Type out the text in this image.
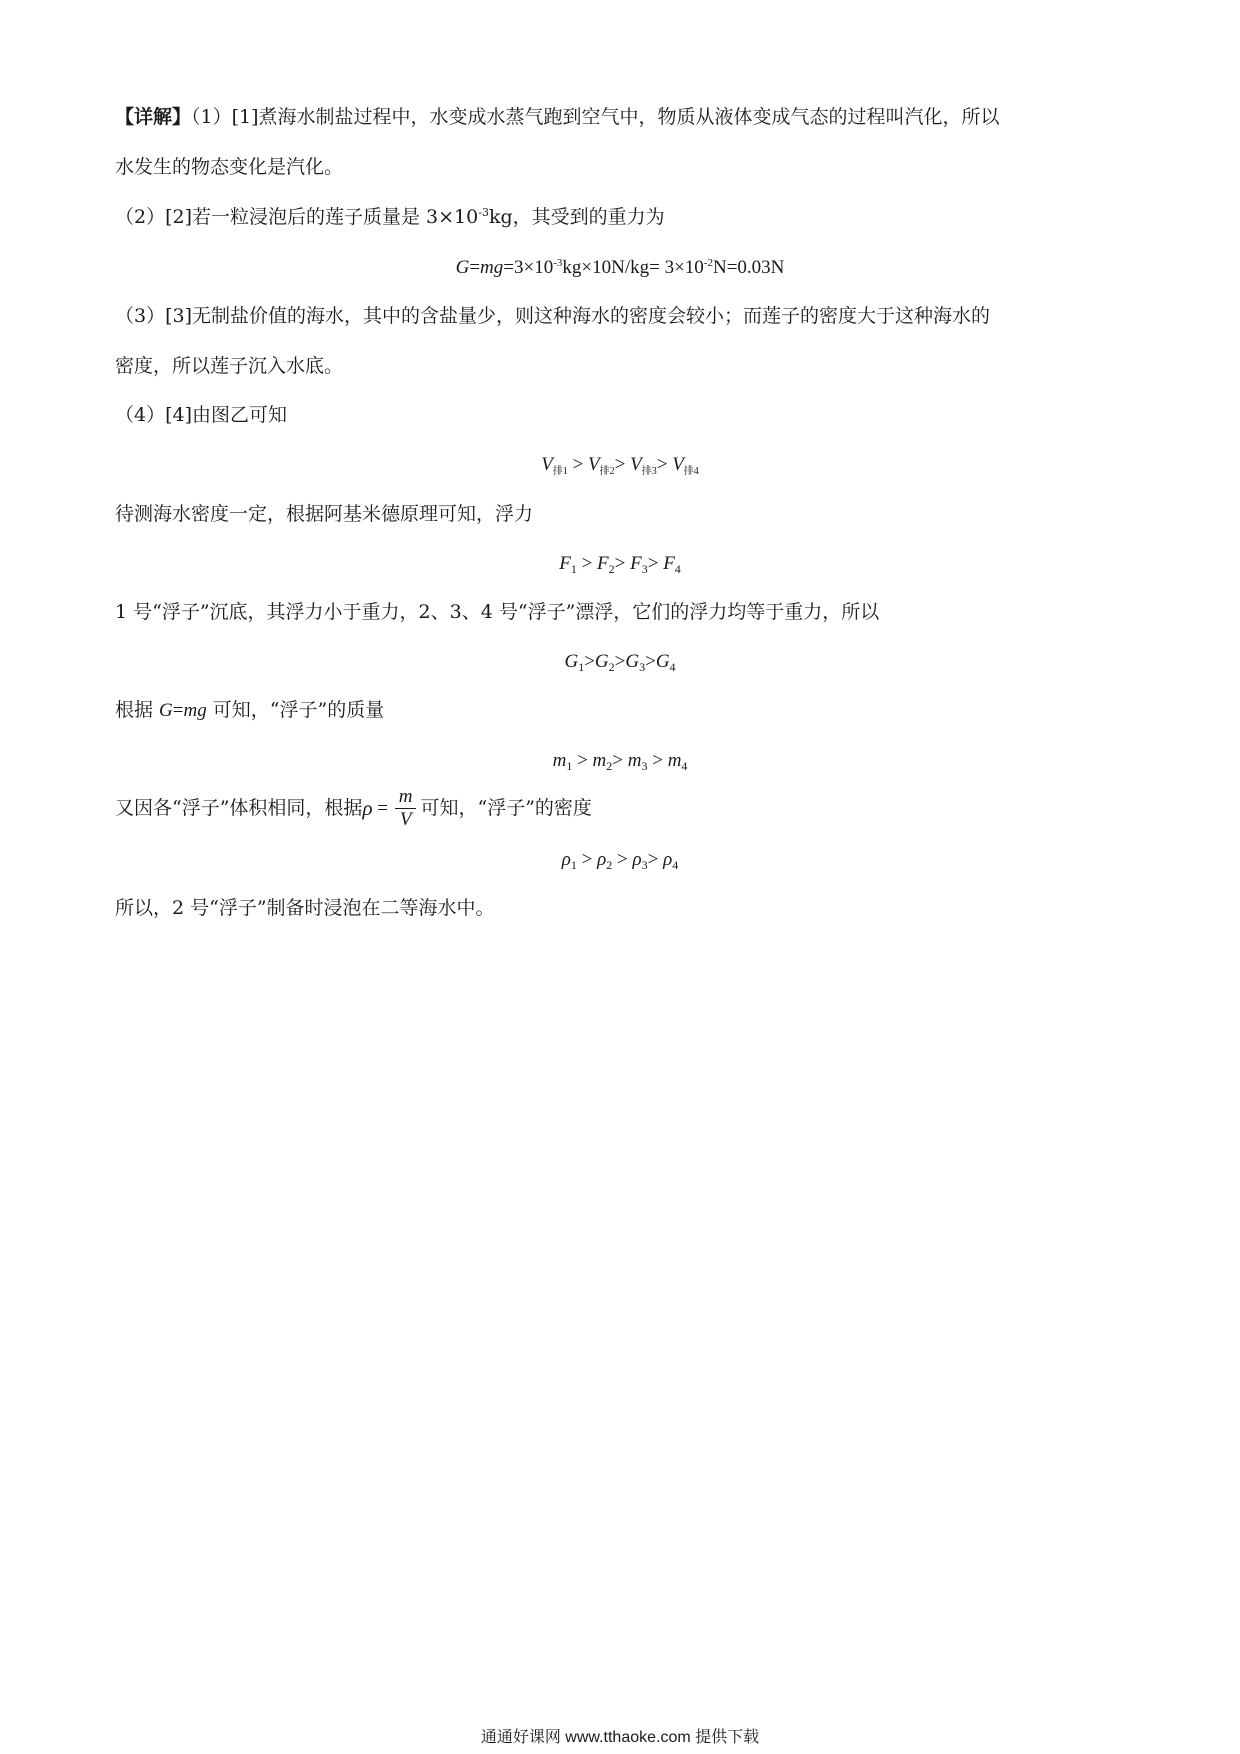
【详解】（1）[1]煮海水制盐过程中，水变成水蒸气跑到空气中，物质从液体变成气态的过程叫汽化，所以
水发生的物态变化是汽化。
（2）[2]若一粒浸泡后的莲子质量是 $3\times 10^{-3}kg$，其受到的重力为
$G=mg=3\times 10^{-3}kg\times 10N/kg= 3\times 10^{-2}N=0.03N$
（3）[3]无制盐价值的海水，其中的含盐量少，则这种海水的密度会较小；而莲子的密度大于这种海水的
密度，所以莲子沉入水底。
（4）[4]由图乙可知
$V_{排1} > V_{排2}> V_{排3}> V_{排4}$
待测海水密度一定，根据阿基米德原理可知，浮力
$F_1 > F_2> F_3> F_4$
1 号“浮子”沉底，其浮力小于重力，2、3、4 号“浮子”漂浮，它们的浮力均等于重力，所以
$G_1>G_2>G_3>G_4$
根据 G=mg 可知，“浮子”的质量
$m_1 > m_2> m_3 > m_4$
又因各“浮子”体积相同，根据$\rho = \frac{m}{V}$ 可知，“浮子”的密度
$\rho_1 > \rho_2 > \rho_3> \rho_4$
所以，2 号“浮子”制备时浸泡在二等海水中。
通通好课网 www.tthaoke.com 提供下载
